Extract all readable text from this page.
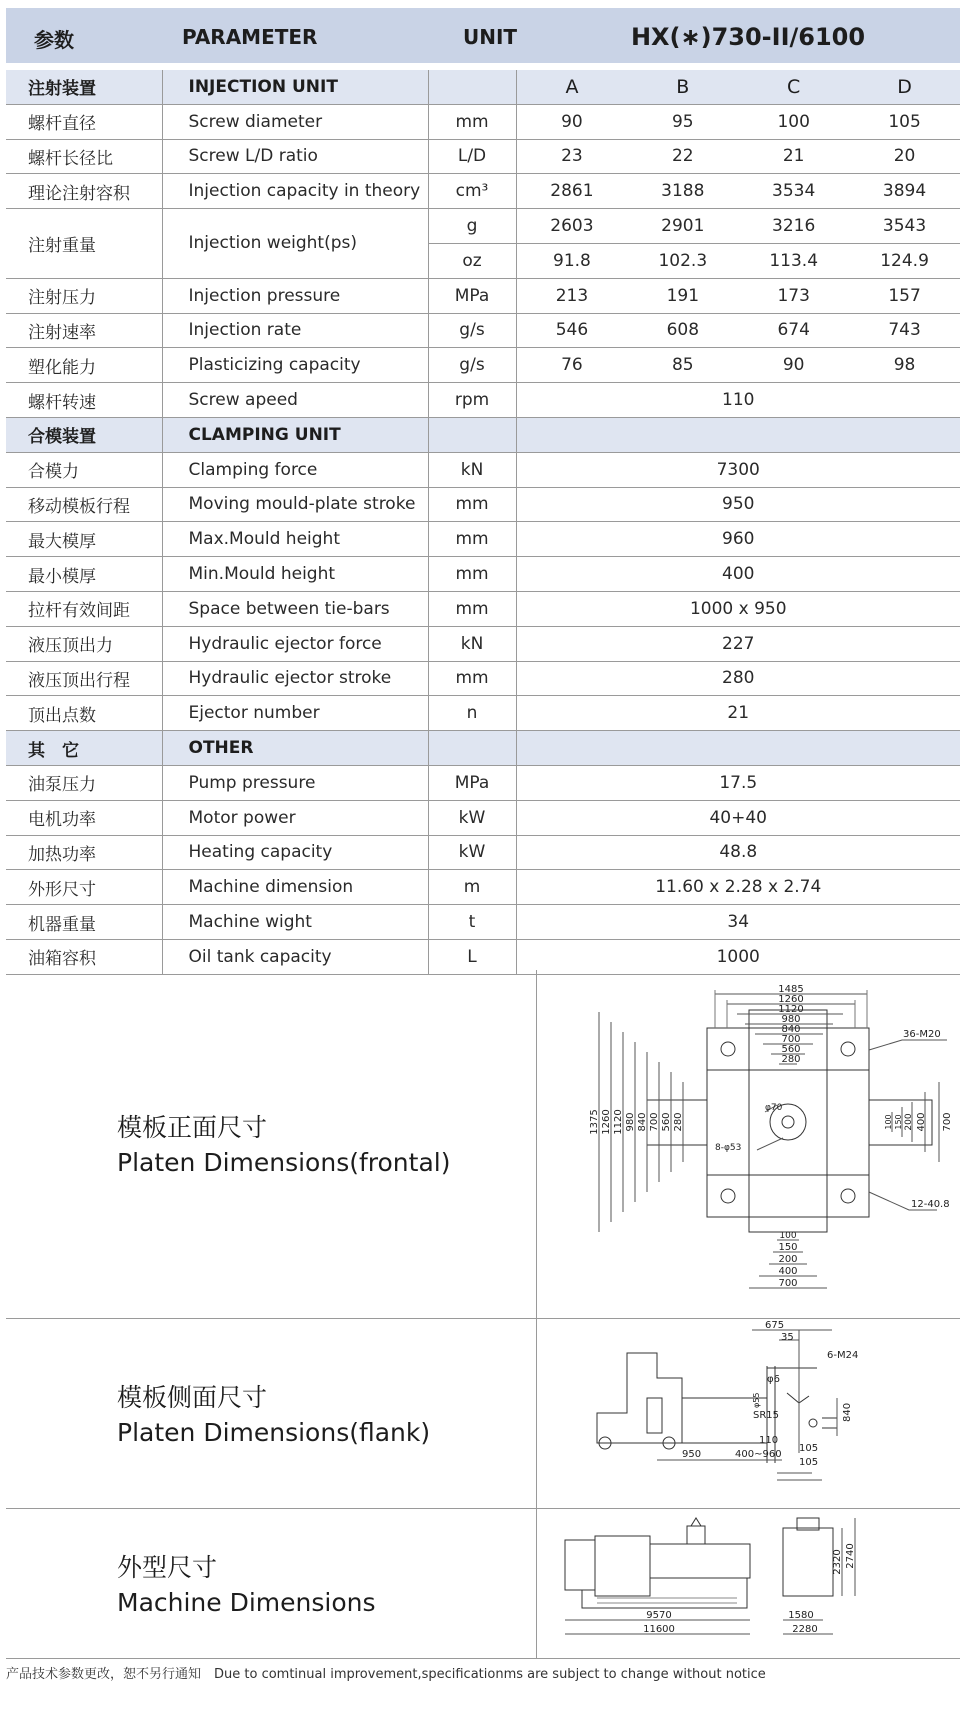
参数	PARAMETER	UNIT	HX(∗)730-II/6100
注射装置	INJECTION UNIT		A B C D

螺杆直径	Screw diameter	mm	90 95 100 105

螺杆长径比	Screw L/D ratio	L/D	23 22 21 20

理论注射容积	Injection capacity in theory	cm³	2861 3188 3534 3894

注射重量	Injection weight(ps)	g	2603 2901 3216 3543

		oz	91.8 102.3 113.4 124.9

注射压力	Injection pressure	MPa	213 191 173 157

注射速率	Injection rate	g/s	546 608 674 743

塑化能力	Plasticizing capacity	g/s	76 85 90 98

螺杆转速	Screw apeed	rpm	110
合模装置	CLAMPING UNIT		
合模力	Clamping force	kN	7300
移动模板行程	Moving mould-plate stroke	mm	950
最大模厚	Max.Mould height	mm	960
最小模厚	Min.Mould height	mm	400
拉杆有效间距	Space between tie-bars	mm	1000 x 950
液压顶出力	Hydraulic ejector force	kN	227
液压顶出行程	Hydraulic ejector stroke	mm	280
顶出点数	Ejector number	n	21
其　它	OTHER		
油泵压力	Pump pressure	MPa	17.5
电机功率	Motor power	kW	40+40
加热功率	Heating capacity	kW	48.8
外形尺寸	Machine dimension	m	11.60 x 2.28 x 2.74
机器重量	Machine wight	t	34
油箱容积	Oil tank capacity	L	1000
模板正面尺寸
Platen Dimensions(frontal)
1485
1260
1120
980
840
700
560
280
1375 1260 1120 980 840 700 560 280	100 150 200 400 700
100
150
200
400
700
φ70
8-φ53
36-M20
12-40.8
模板侧面尺寸
Platen Dimensions(flank)
675
35
6-M24
φ6
φ55
SR15	840
110
950	400~960
105
105
外型尺寸
Machine Dimensions	9570
11600
1580
2280
2320 2740
产品技术参数更改，恕不另行通知　Due to comtinual improvement,specificationms are subject to change without notice
